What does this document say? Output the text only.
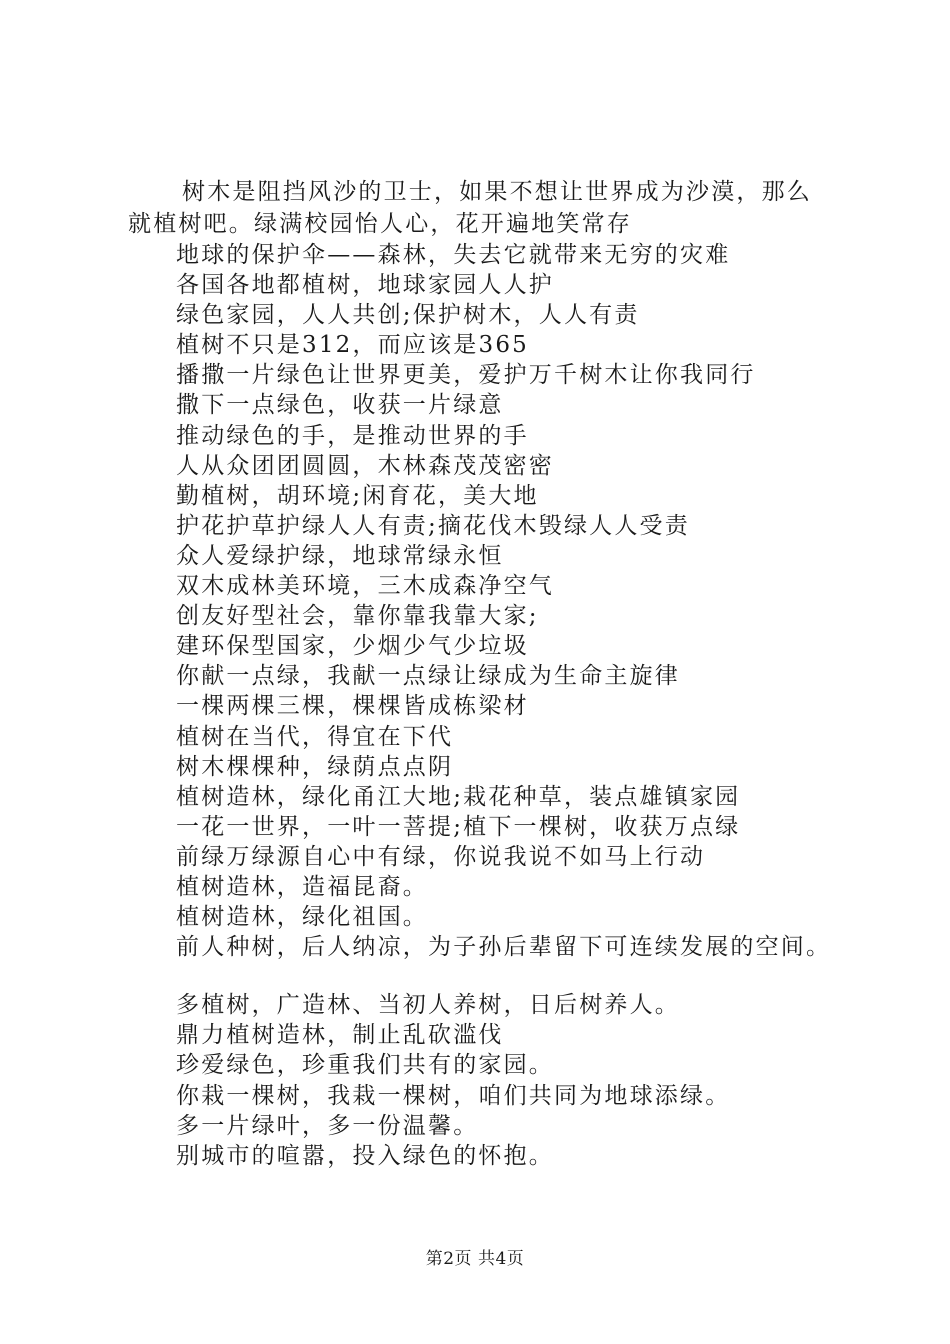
树木是阻挡风沙的卫士，如果不想让世界成为沙漠，那么
就植树吧。绿满校园怡人心，花开遍地笑常存
地球的保护伞——森林，失去它就带来无穷的灾难
各国各地都植树，地球家园人人护
绿色家园，人人共创;保护树木，人人有责
植树不只是312，而应该是365
播撒一片绿色让世界更美，爱护万千树木让你我同行
撒下一点绿色，收获一片绿意
推动绿色的手，是推动世界的手
人从众团团圆圆，木林森茂茂密密
勤植树，胡环境;闲育花，美大地
护花护草护绿人人有责;摘花伐木毁绿人人受责
众人爱绿护绿，地球常绿永恒
双木成林美环境，三木成森净空气
创友好型社会，靠你靠我靠大家;
建环保型国家，少烟少气少垃圾
你献一点绿，我献一点绿让绿成为生命主旋律
一棵两棵三棵，棵棵皆成栋梁材
植树在当代，得宜在下代
树木棵棵种，绿荫点点阴
植树造林，绿化甬江大地;栽花种草，装点雄镇家园
一花一世界，一叶一菩提;植下一棵树，收获万点绿
前绿万绿源自心中有绿，你说我说不如马上行动
植树造林，造福昆裔。
植树造林，绿化祖国。
前人种树，后人纳凉，为子孙后辈留下可连续发展的空间。
多植树，广造林、当初人养树，日后树养人。
鼎力植树造林，制止乱砍滥伐
珍爱绿色，珍重我们共有的家园。
你栽一棵树，我栽一棵树，咱们共同为地球添绿。
多一片绿叶，多一份温馨。
别城市的喧嚣，投入绿色的怀抱。
第2页 共4页
